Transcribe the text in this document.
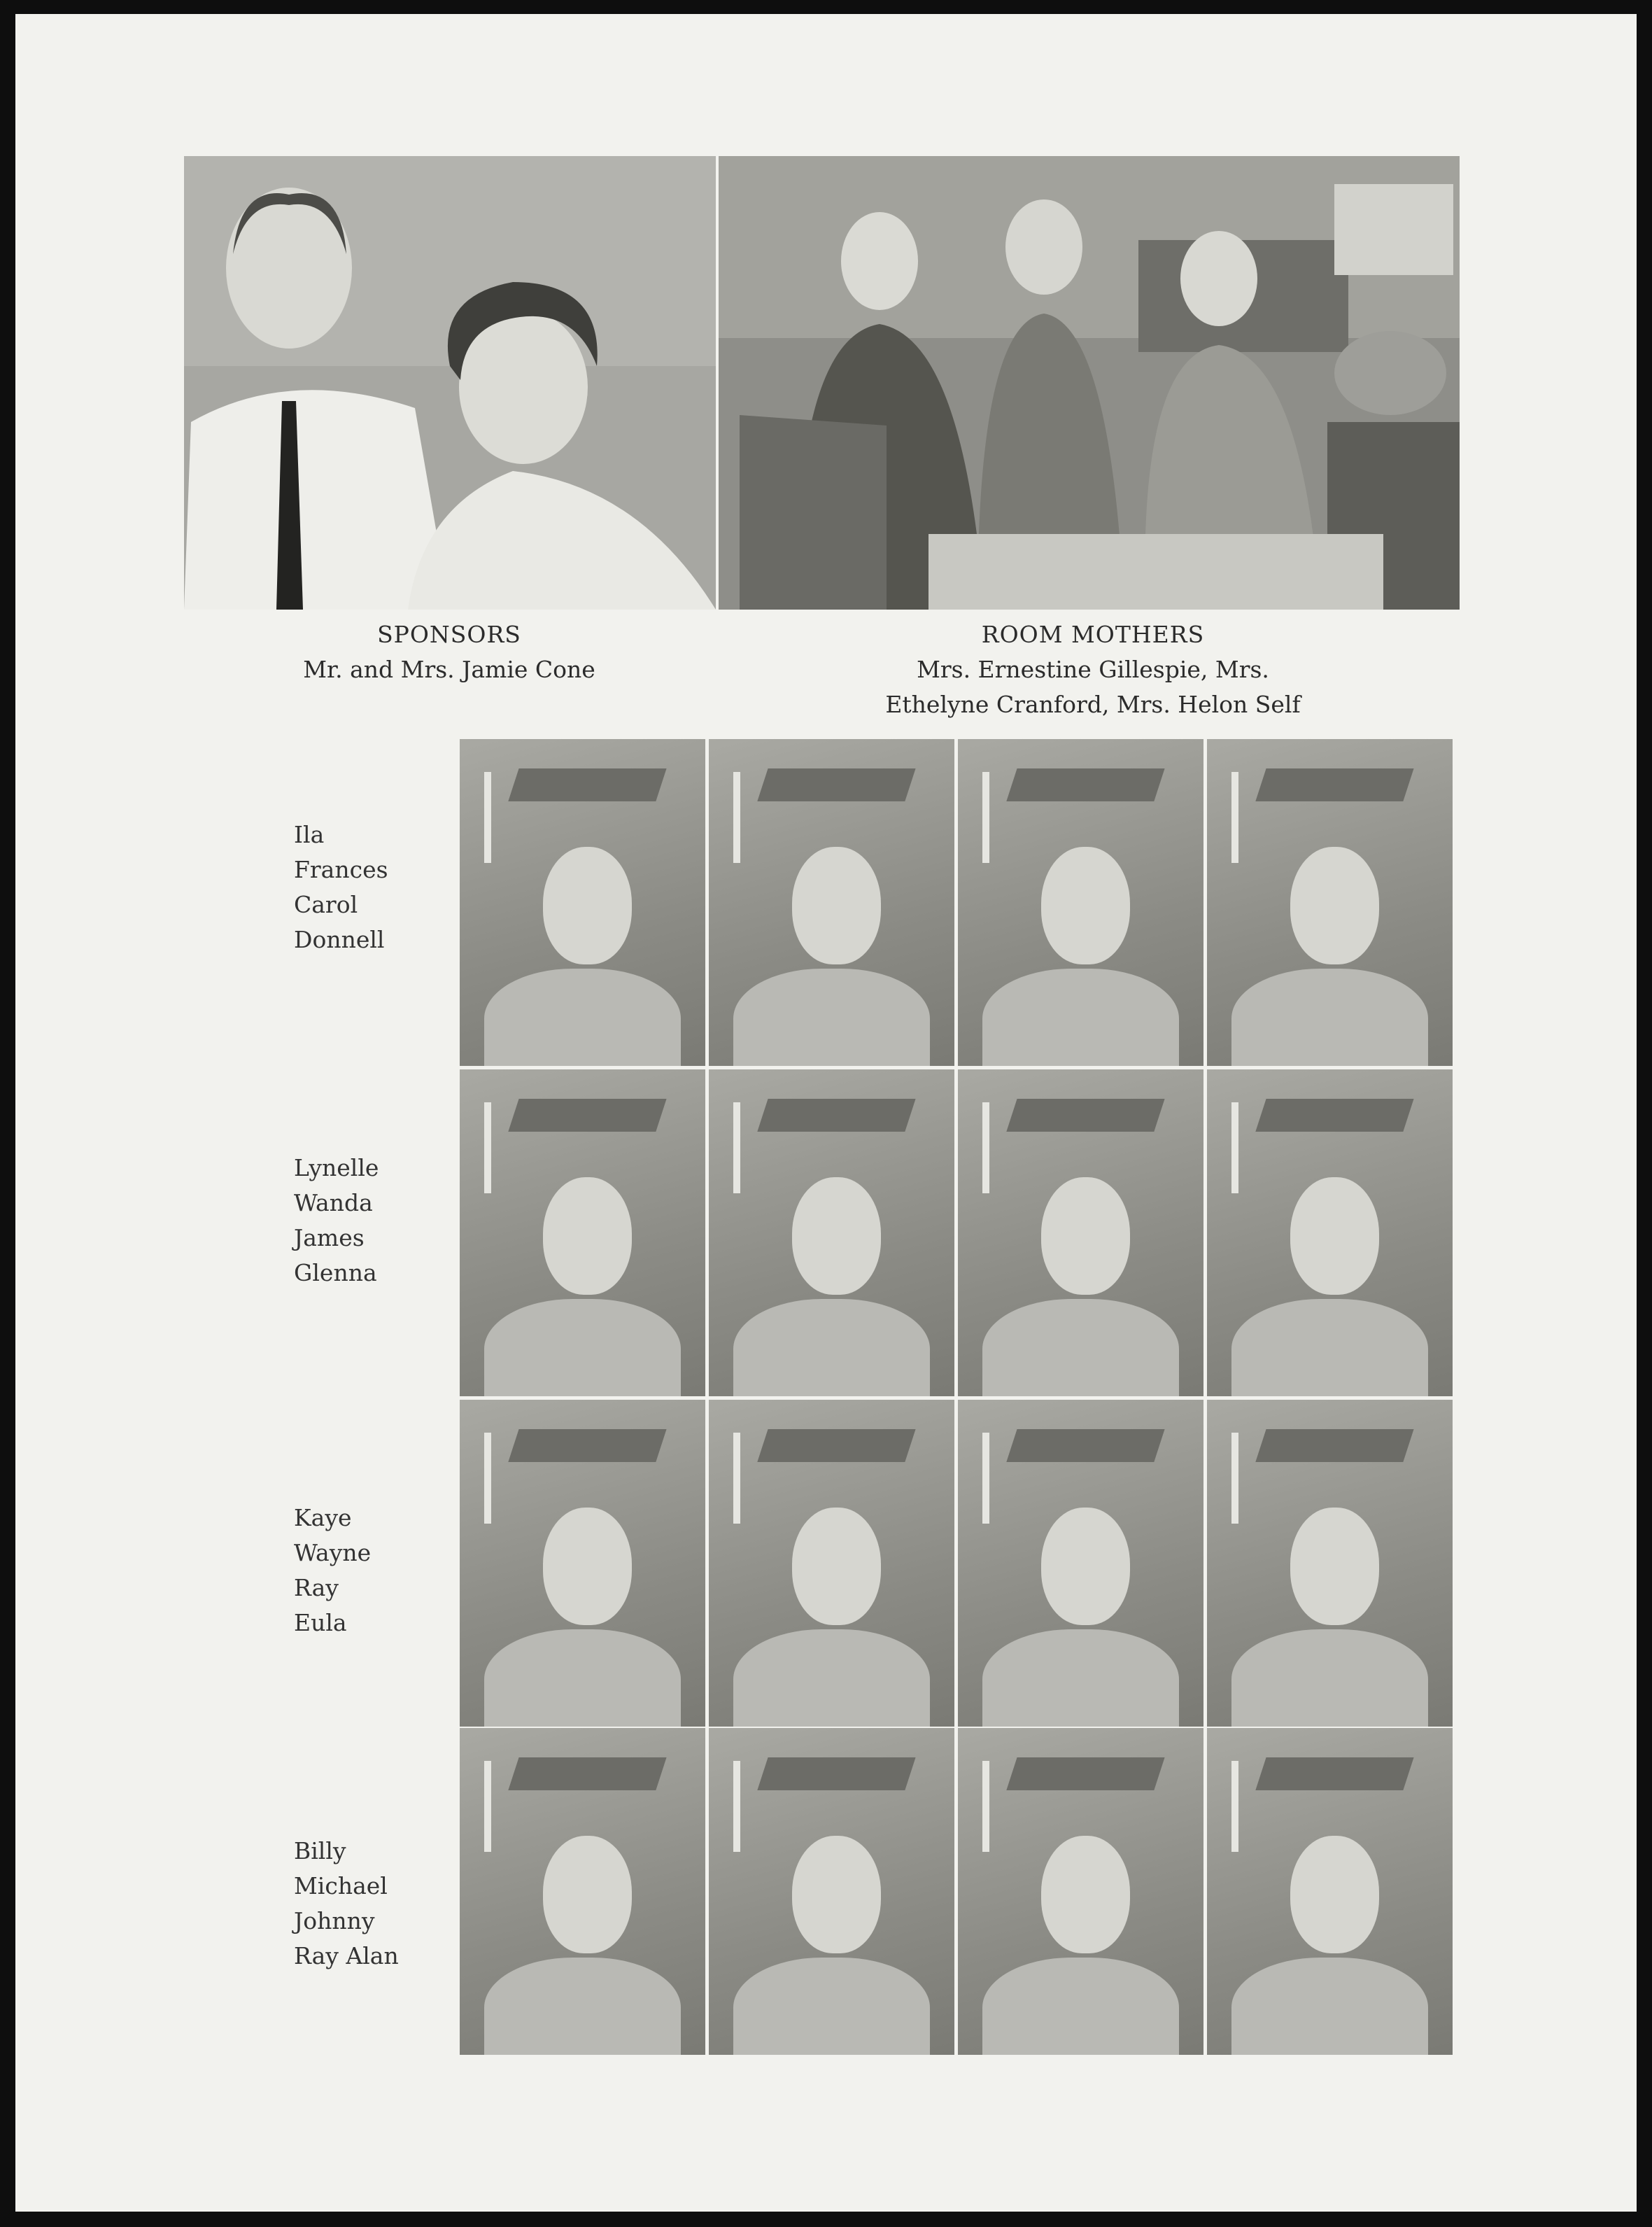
SPONSORS
Mr. and Mrs. Jamie Cone
ROOM MOTHERS
Mrs. Ernestine Gillespie, Mrs.
Ethelyne Cranford, Mrs. Helon Self
Ila
Frances
Carol
Donnell
Lynelle
Wanda
James
Glenna
Kaye
Wayne
Ray
Eula
Billy
Michael
Johnny
Ray Alan
